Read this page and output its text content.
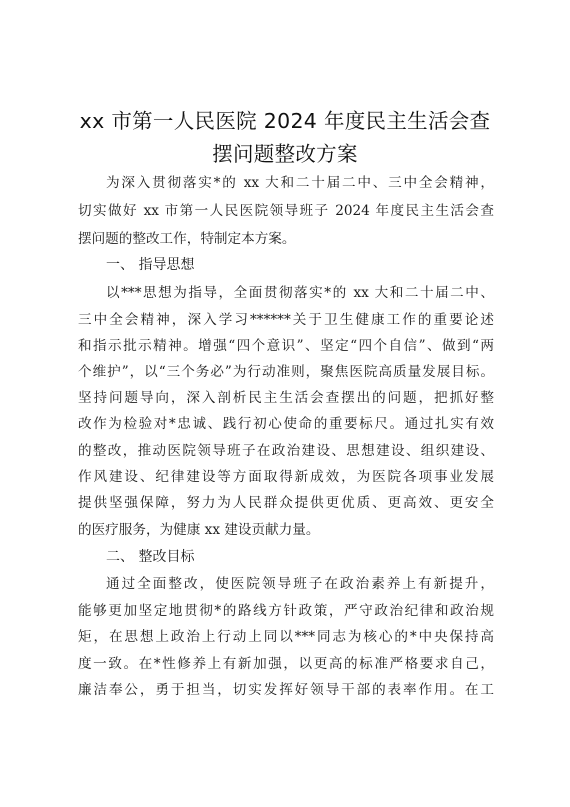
xx 市第一人民医院 2024 年度民主生活会查
摆问题整改方案
为深入贯彻落实*的 xx 大和二十届二中、三中全会精神，
切实做好 xx 市第一人民医院领导班子 2024 年度民主生活会查
摆问题的整改工作，特制定本方案。
一、 指导思想
以***思想为指导，全面贯彻落实*的 xx 大和二十届二中、
三中全会精神，深入学习******关于卫生健康工作的重要论述
和指示批示精神。增强“四个意识”、坚定“四个自信”、做到“两
个维护”，以“三个务必”为行动准则，聚焦医院高质量发展目标。
坚持问题导向，深入剖析民主生活会查摆出的问题，把抓好整
改作为检验对*忠诚、践行初心使命的重要标尺。通过扎实有效
的整改，推动医院领导班子在政治建设、思想建设、组织建设、
作风建设、纪律建设等方面取得新成效，为医院各项事业发展
提供坚强保障，努力为人民群众提供更优质、更高效、更安全
的医疗服务，为健康 xx 建设贡献力量。
二、 整改目标
通过全面整改，使医院领导班子在政治素养上有新提升，
能够更加坚定地贯彻*的路线方针政策，严守政治纪律和政治规
矩，在思想上政治上行动上同以***同志为核心的*中央保持高
度一致。在*性修养上有新加强，以更高的标准严格要求自己，
廉洁奉公，勇于担当，切实发挥好领导干部的表率作用。在工
